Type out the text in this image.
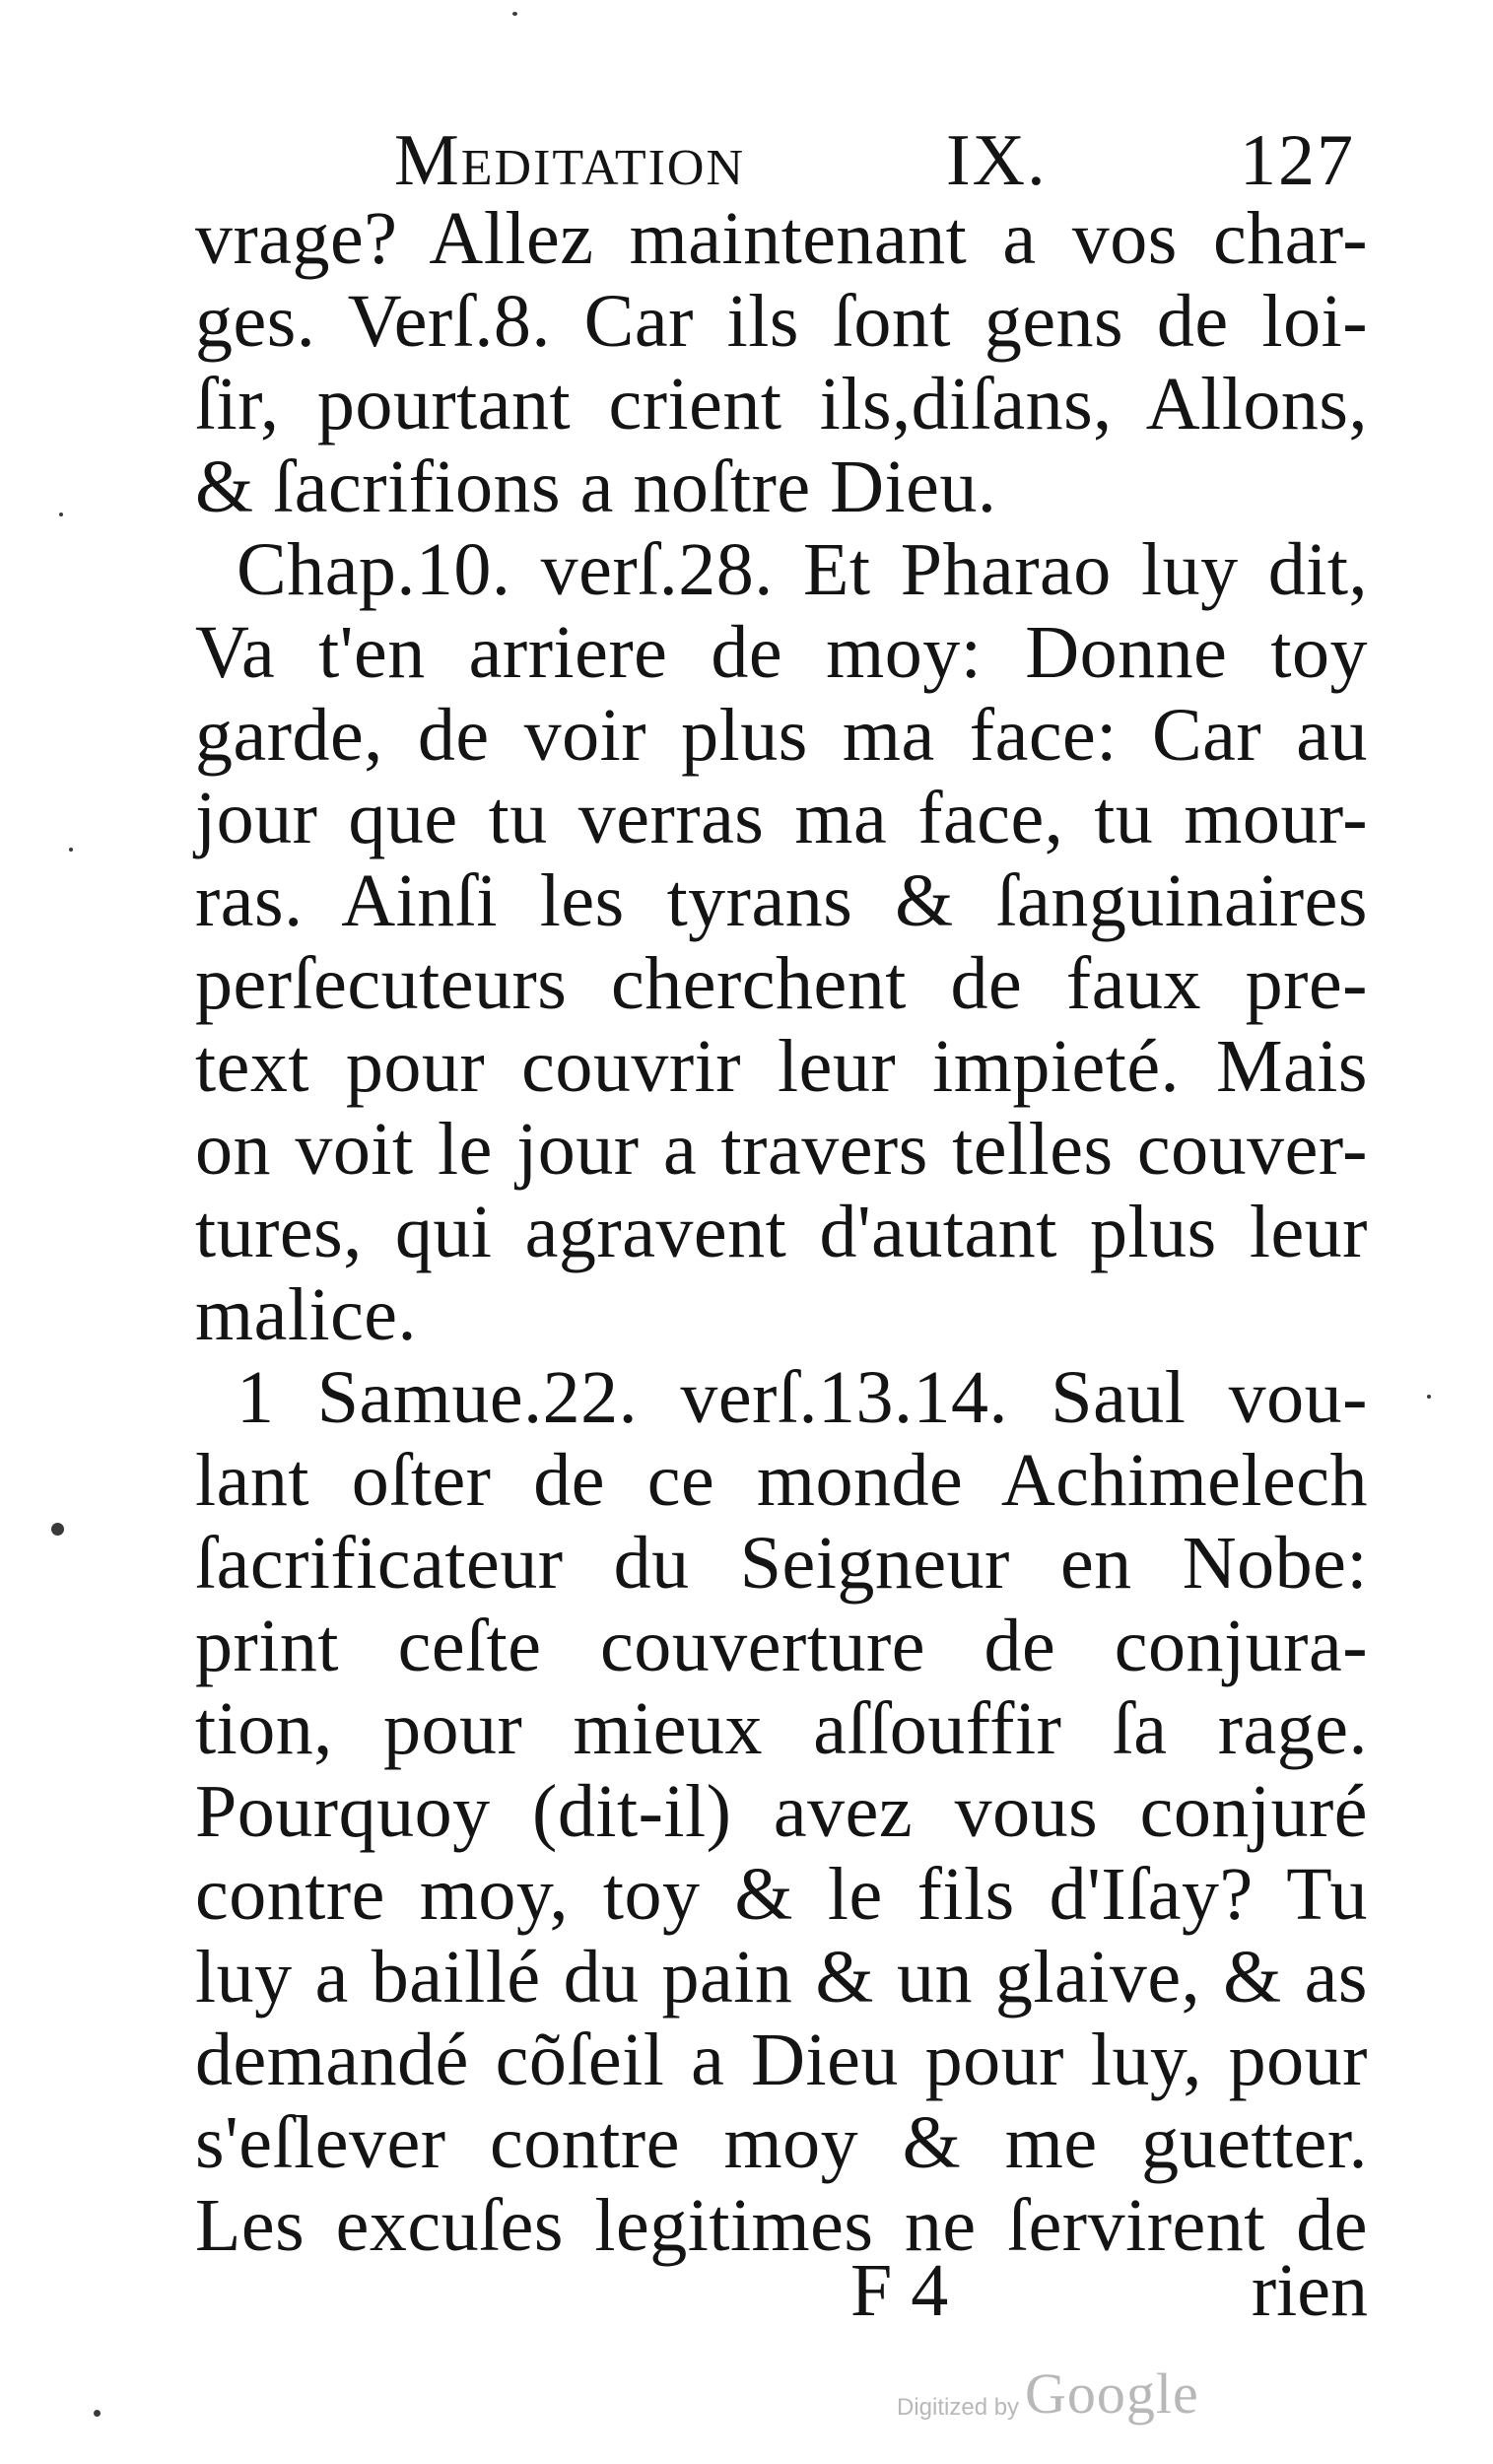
Meditation	IX.	127
vrage? Allez maintenant a vos char-
ges. Verſ.8. Car ils ſont gens de loi-
ſir, pourtant crient ils,diſans, Allons,
& ſacrifions a noſtre Dieu.
Chap.10. verſ.28. Et Pharao luy dit,
Va t'en arriere de moy: Donne toy
garde, de voir plus ma face: Car au
jour que tu verras ma face, tu mour-
ras. Ainſi les tyrans & ſanguinaires
perſecuteurs cherchent de faux pre-
text pour couvrir leur impieté. Mais
on voit le jour a travers telles couver-
tures, qui agravent d'autant plus leur
malice.
1 Samue.22. verſ.13.14. Saul vou-
lant oſter de ce monde Achimelech
ſacrificateur du Seigneur en Nobe:
print ceſte couverture de conjura-
tion, pour mieux aſſouffir ſa rage.
Pourquoy (dit-il) avez vous conjuré
contre moy, toy & le fils d'Iſay? Tu
luy a baillé du pain & un glaive, & as
demandé cõſeil a Dieu pour luy, pour
s'eſlever contre moy & me guetter.
Les excuſes legitimes ne ſervirent de
F 4	rien
Digitized by Google
